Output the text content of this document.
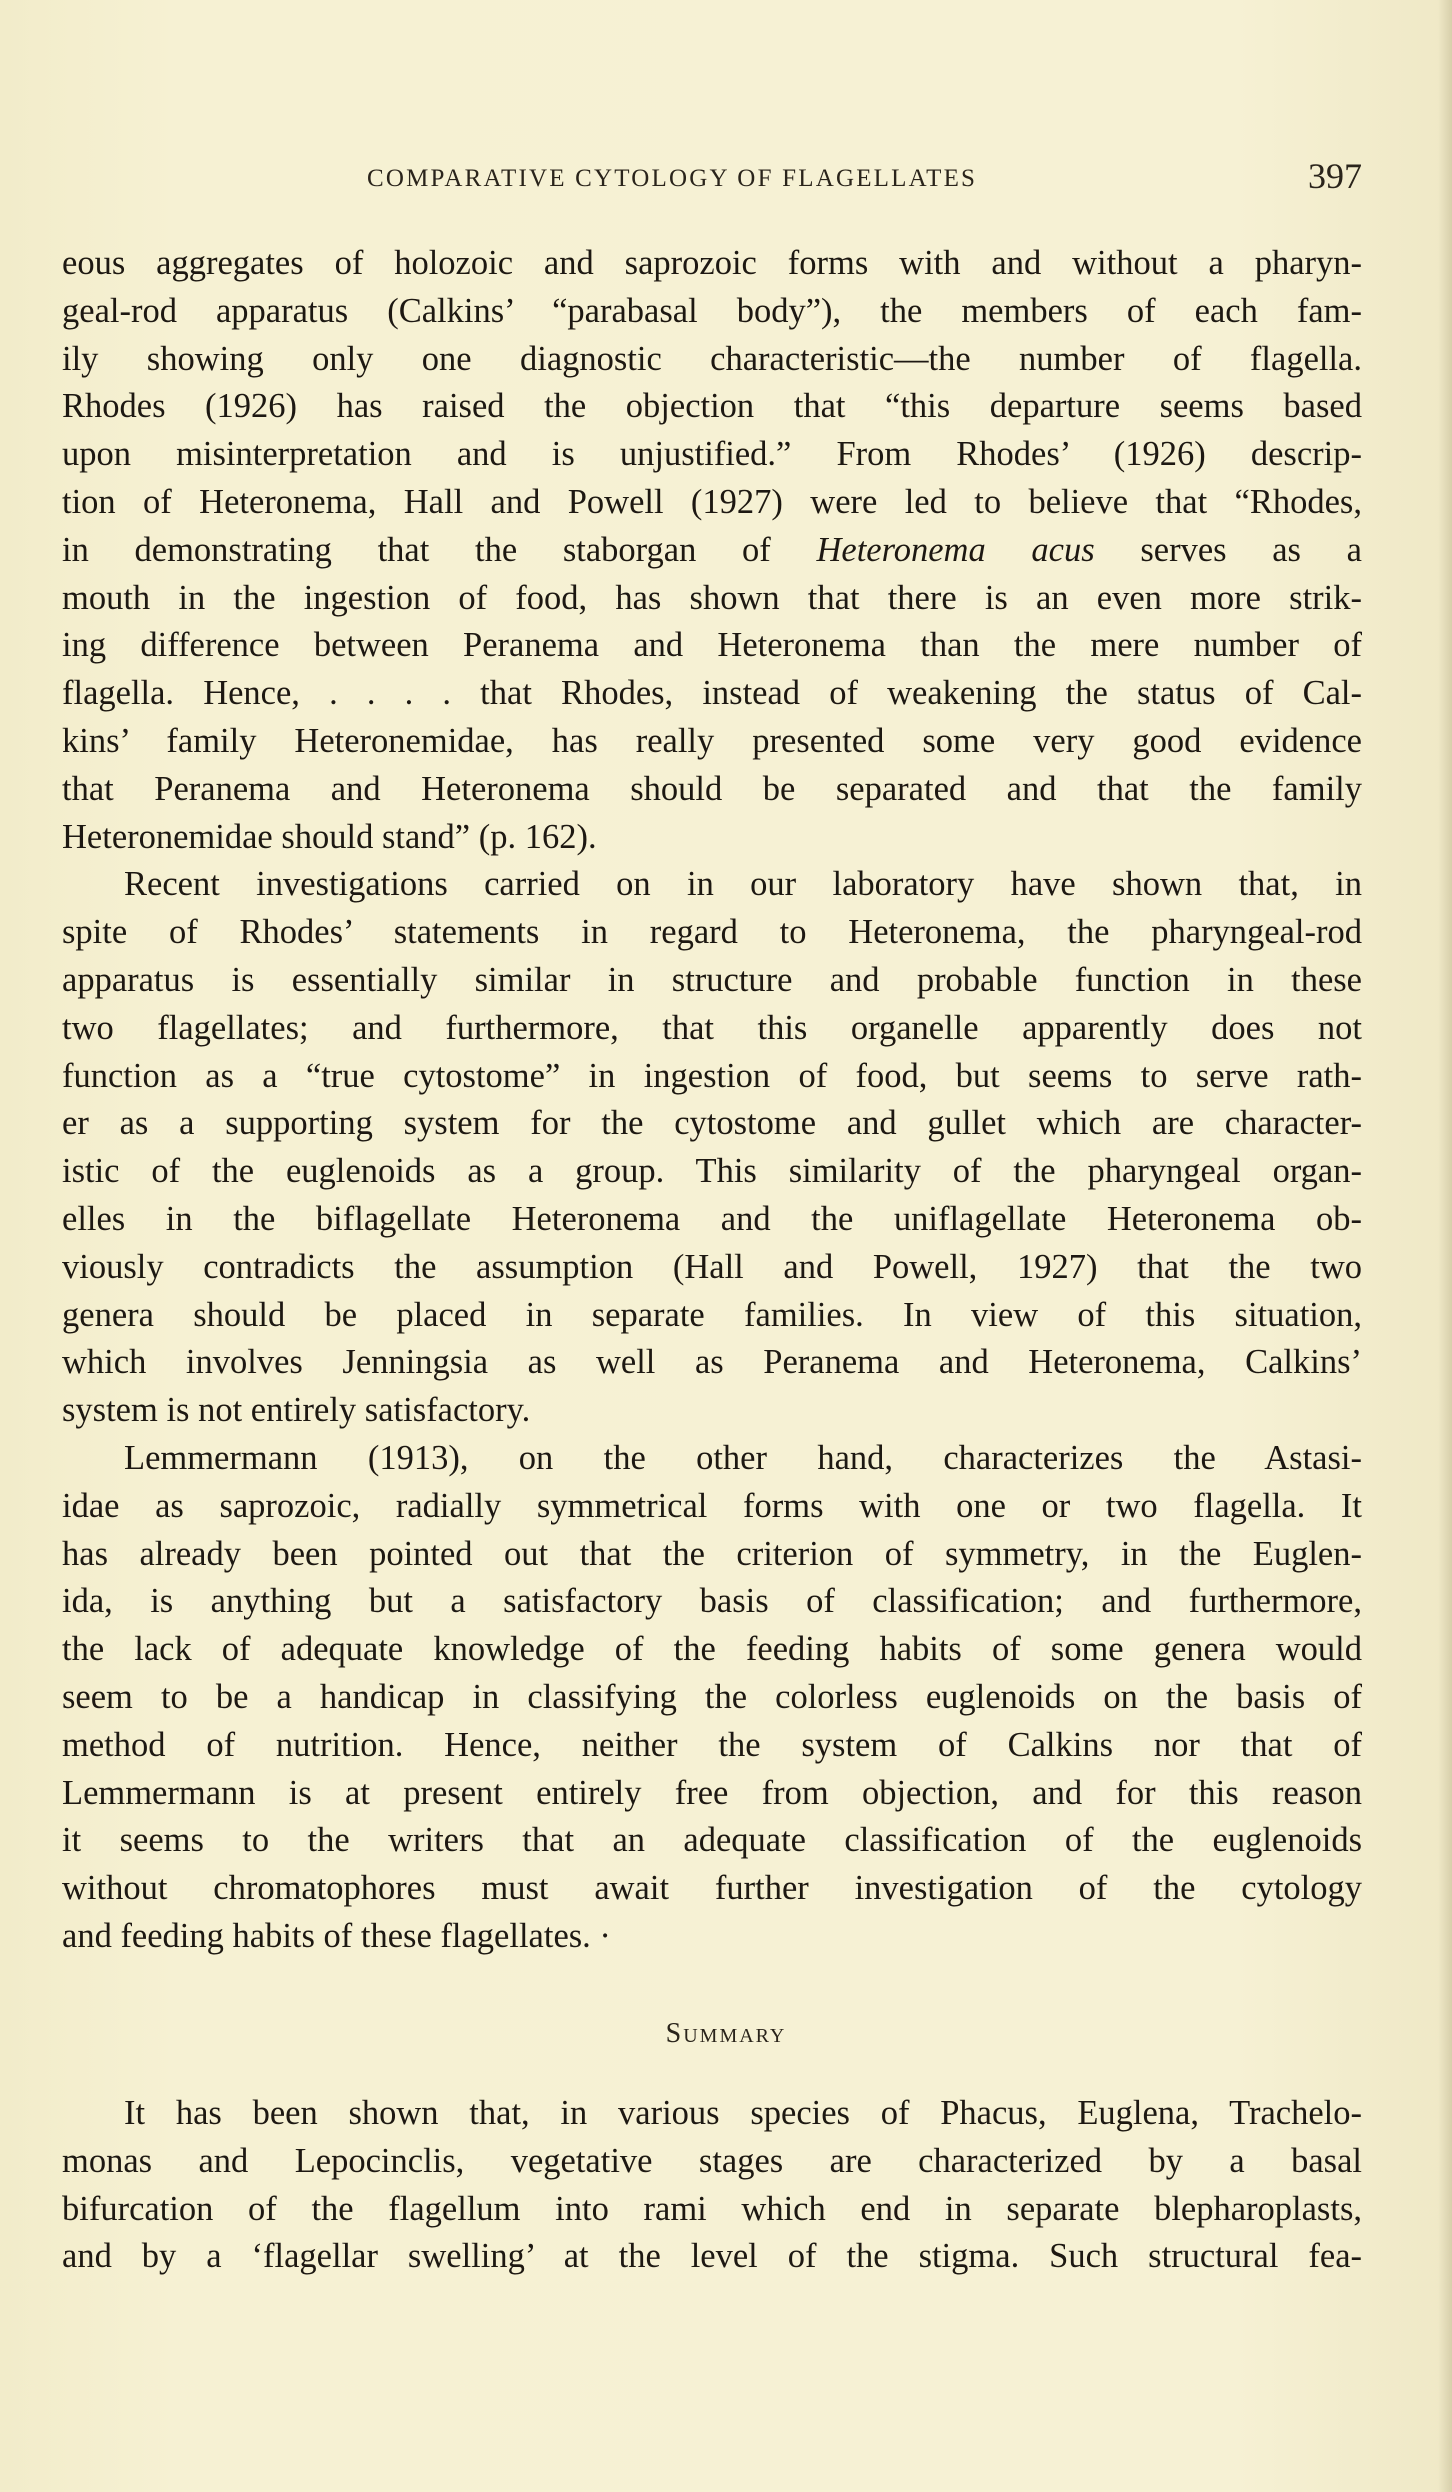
COMPARATIVE CYTOLOGY OF FLAGELLATES	397
eous aggregates of holozoic and saprozoic forms with and without a pharyn-
geal-rod apparatus (Calkins’ “parabasal body”), the members of each fam-
ily showing only one diagnostic characteristic—the number of flagella.
Rhodes (1926) has raised the objection that “this departure seems based
upon misinterpretation and is unjustified.” From Rhodes’ (1926) descrip-
tion of Heteronema, Hall and Powell (1927) were led to believe that “Rhodes,
in demonstrating that the staborgan of Heteronema acus serves as a
mouth in the ingestion of food, has shown that there is an even more strik-
ing difference between Peranema and Heteronema than the mere number of
flagella. Hence, . . . . that Rhodes, instead of weakening the status of Cal-
kins’ family Heteronemidae, has really presented some very good evidence
that Peranema and Heteronema should be separated and that the family
Heteronemidae should stand” (p. 162).
Recent investigations carried on in our laboratory have shown that, in
spite of Rhodes’ statements in regard to Heteronema, the pharyngeal-rod
apparatus is essentially similar in structure and probable function in these
two flagellates; and furthermore, that this organelle apparently does not
function as a “true cytostome” in ingestion of food, but seems to serve rath-
er as a supporting system for the cytostome and gullet which are character-
istic of the euglenoids as a group. This similarity of the pharyngeal organ-
elles in the biflagellate Heteronema and the uniflagellate Heteronema ob-
viously contradicts the assumption (Hall and Powell, 1927) that the two
genera should be placed in separate families. In view of this situation,
which involves Jenningsia as well as Peranema and Heteronema, Calkins’
system is not entirely satisfactory.
Lemmermann (1913), on the other hand, characterizes the Astasi-
idae as saprozoic, radially symmetrical forms with one or two flagella. It
has already been pointed out that the criterion of symmetry, in the Euglen-
ida, is anything but a satisfactory basis of classification; and furthermore,
the lack of adequate knowledge of the feeding habits of some genera would
seem to be a handicap in classifying the colorless euglenoids on the basis of
method of nutrition. Hence, neither the system of Calkins nor that of
Lemmermann is at present entirely free from objection, and for this reason
it seems to the writers that an adequate classification of the euglenoids
without chromatophores must await further investigation of the cytology
and feeding habits of these flagellates. ·
Summary
It has been shown that, in various species of Phacus, Euglena, Trachelo-
monas and Lepocinclis, vegetative stages are characterized by a basal
bifurcation of the flagellum into rami which end in separate blepharoplasts,
and by a ‘flagellar swelling’ at the level of the stigma. Such structural fea-
